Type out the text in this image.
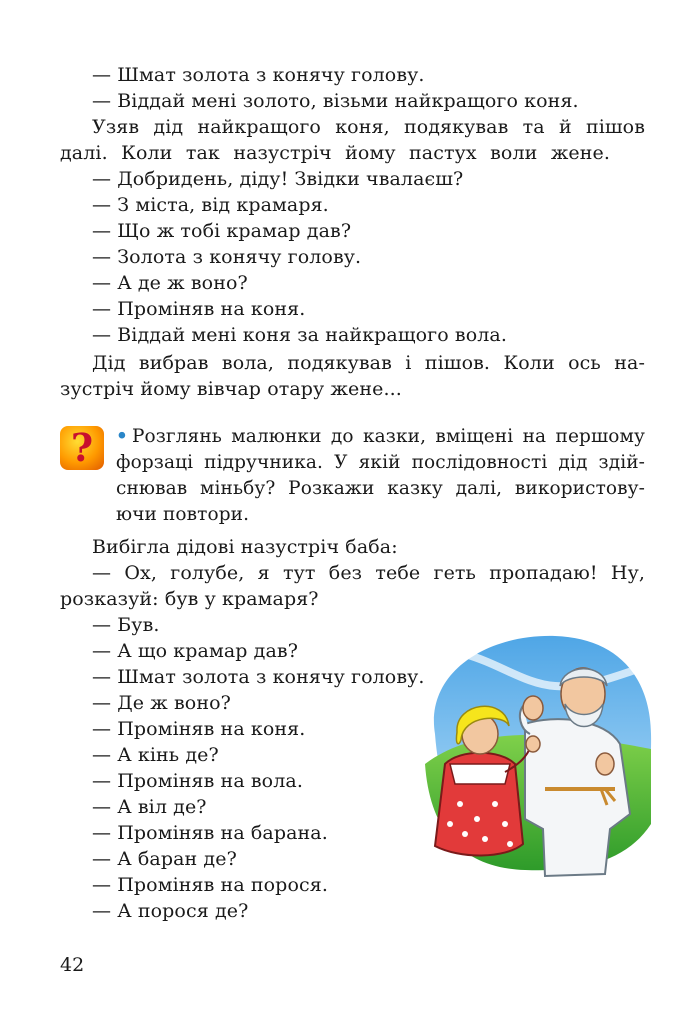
— Шмат золота з конячу голову.
— Віддай мені золото, візьми найкращого коня.
Узяв дід найкращого коня, подякував та й пішов
далі. Коли так назустріч йому пастух воли жене.
— Добридень, діду! Звідки чвалаєш?
— З міста, від крамаря.
— Що ж тобі крамар дав?
— Золота з конячу голову.
— А де ж воно?
— Проміняв на коня.
— Віддай мені коня за найкращого вола.
Дід вибрав вола, подякував і пішов. Коли ось на-
зустріч йому вівчар отару жене...
?	• Розглянь малюнки до казки, вміщені на першому
форзаці підручника. У якій послідовності дід здій-
снював міньбу? Розкажи казку далі, використову-
ючи повтори.
Вибігла дідові назустріч баба:
— Ох, голубе, я тут без тебе геть пропадаю! Ну,
розказуй: був у крамаря?
— Був.
— А що крамар дав?
— Шмат золота з конячу голову.
— Де ж воно?
— Проміняв на коня.
— А кінь де?
— Проміняв на вола.
— А віл де?
— Проміняв на барана.
— А баран де?
— Проміняв на порося.
— А порося де?
42
